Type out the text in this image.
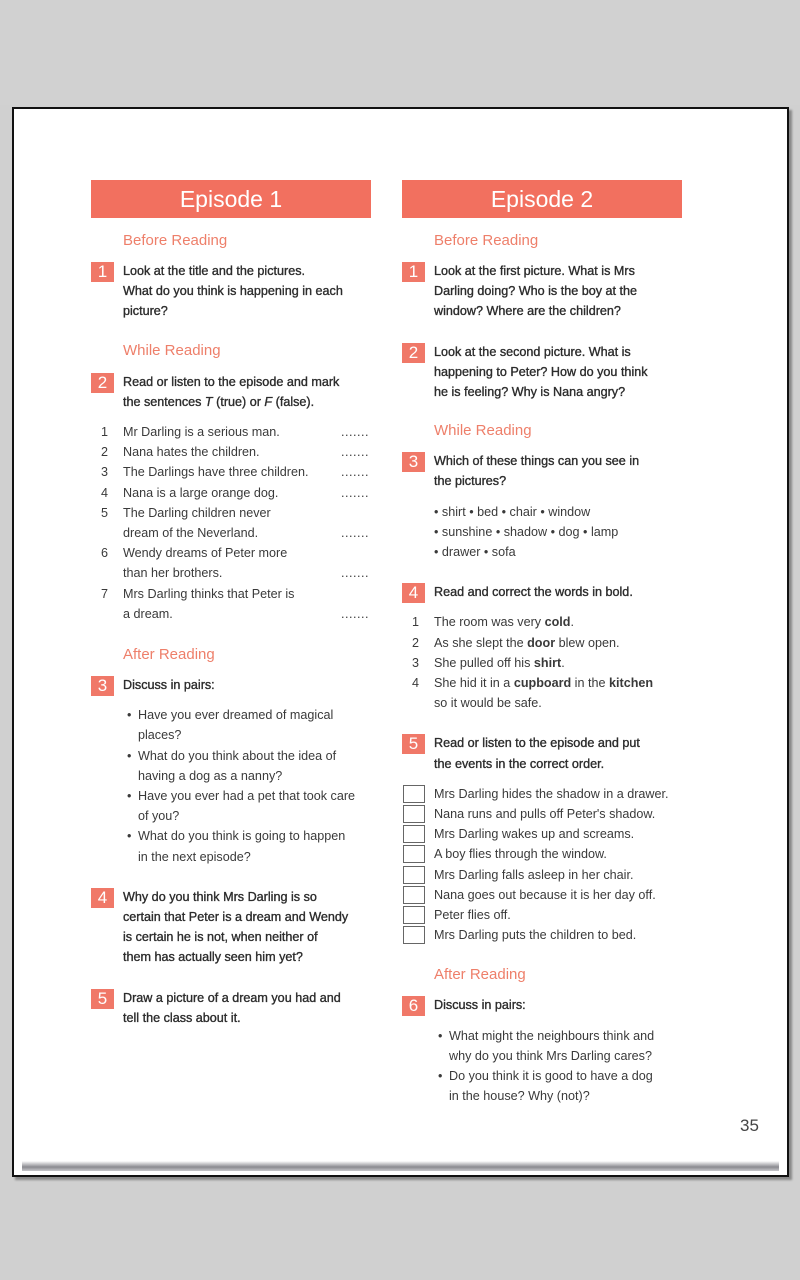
Episode 1
Before Reading
1	Look at the title and the pictures.
What do you think is happening in each
picture?
While Reading
2	Read or listen to the episode and mark
the sentences T (true) or F (false).
1 Mr Darling is a serious man.	.......
2 Nana hates the children.	.......
3 The Darlings have three children.	.......
4 Nana is a large orange dog.	.......
5 The Darling children never
dream of the Neverland.	.......
6 Wendy dreams of Peter more
than her brothers.	.......
7 Mrs Darling thinks that Peter is
a dream.	.......
After Reading
3	Discuss in pairs:
• Have you ever dreamed of magical
places?
• What do you think about the idea of
having a dog as a nanny?
• Have you ever had a pet that took care
of you?
• What do you think is going to happen
in the next episode?
4	Why do you think Mrs Darling is so
certain that Peter is a dream and Wendy
is certain he is not, when neither of
them has actually seen him yet?
5	Draw a picture of a dream you had and
tell the class about it.
Episode 2
Before Reading
1	Look at the first picture. What is Mrs
Darling doing? Who is the boy at the
window? Where are the children?
2	Look at the second picture. What is
happening to Peter? How do you think
he is feeling? Why is Nana angry?
While Reading
3	Which of these things can you see in
the pictures?
• shirt • bed • chair • window
• sunshine • shadow • dog • lamp
• drawer • sofa
4	Read and correct the words in bold.
1 The room was very cold.
2 As she slept the door blew open.
3 She pulled off his shirt.
4 She hid it in a cupboard in the kitchen
so it would be safe.
5	Read or listen to the episode and put
the events in the correct order.
Mrs Darling hides the shadow in a drawer.
Nana runs and pulls off Peter's shadow.
Mrs Darling wakes up and screams.
A boy flies through the window.
Mrs Darling falls asleep in her chair.
Nana goes out because it is her day off.
Peter flies off.
Mrs Darling puts the children to bed.
After Reading
6	Discuss in pairs:
• What might the neighbours think and
why do you think Mrs Darling cares?
• Do you think it is good to have a dog
in the house? Why (not)?
35
